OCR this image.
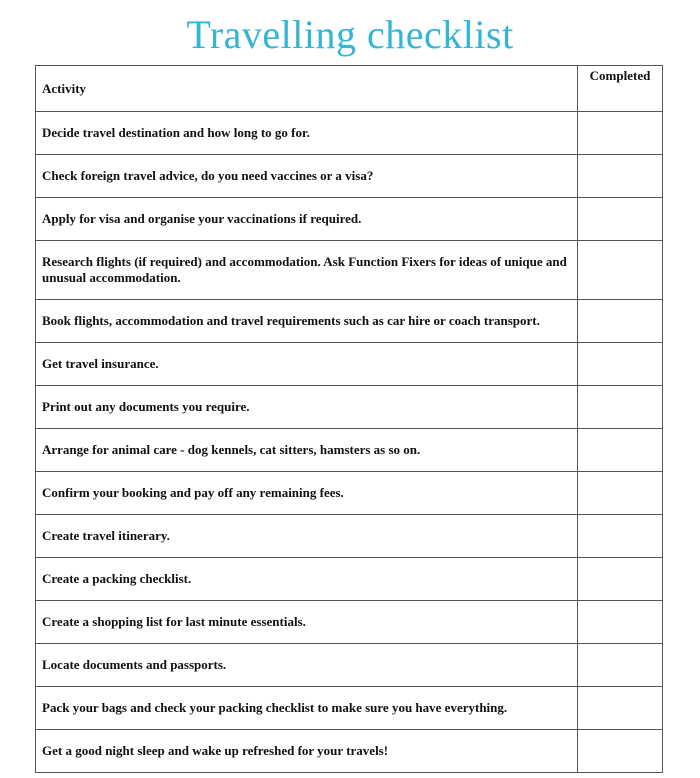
Travelling checklist
Activity	Completed
Decide travel destination and how long to go for.	
Check foreign travel advice, do you need vaccines or a visa?	
Apply for visa and organise your vaccinations if required.	
Research flights (if required) and accommodation. Ask Function Fixers for ideas of unique and unusual accommodation.	
Book flights, accommodation and travel requirements such as car hire or coach transport.	
Get travel insurance.	
Print out any documents you require.	
Arrange for animal care - dog kennels, cat sitters, hamsters as so on.	
Confirm your booking and pay off any remaining fees.	
Create travel itinerary.	
Create a packing checklist.	
Create a shopping list for last minute essentials.	
Locate documents and passports.	
Pack your bags and check your packing checklist to make sure you have everything.	
Get a good night sleep and wake up refreshed for your travels!	
